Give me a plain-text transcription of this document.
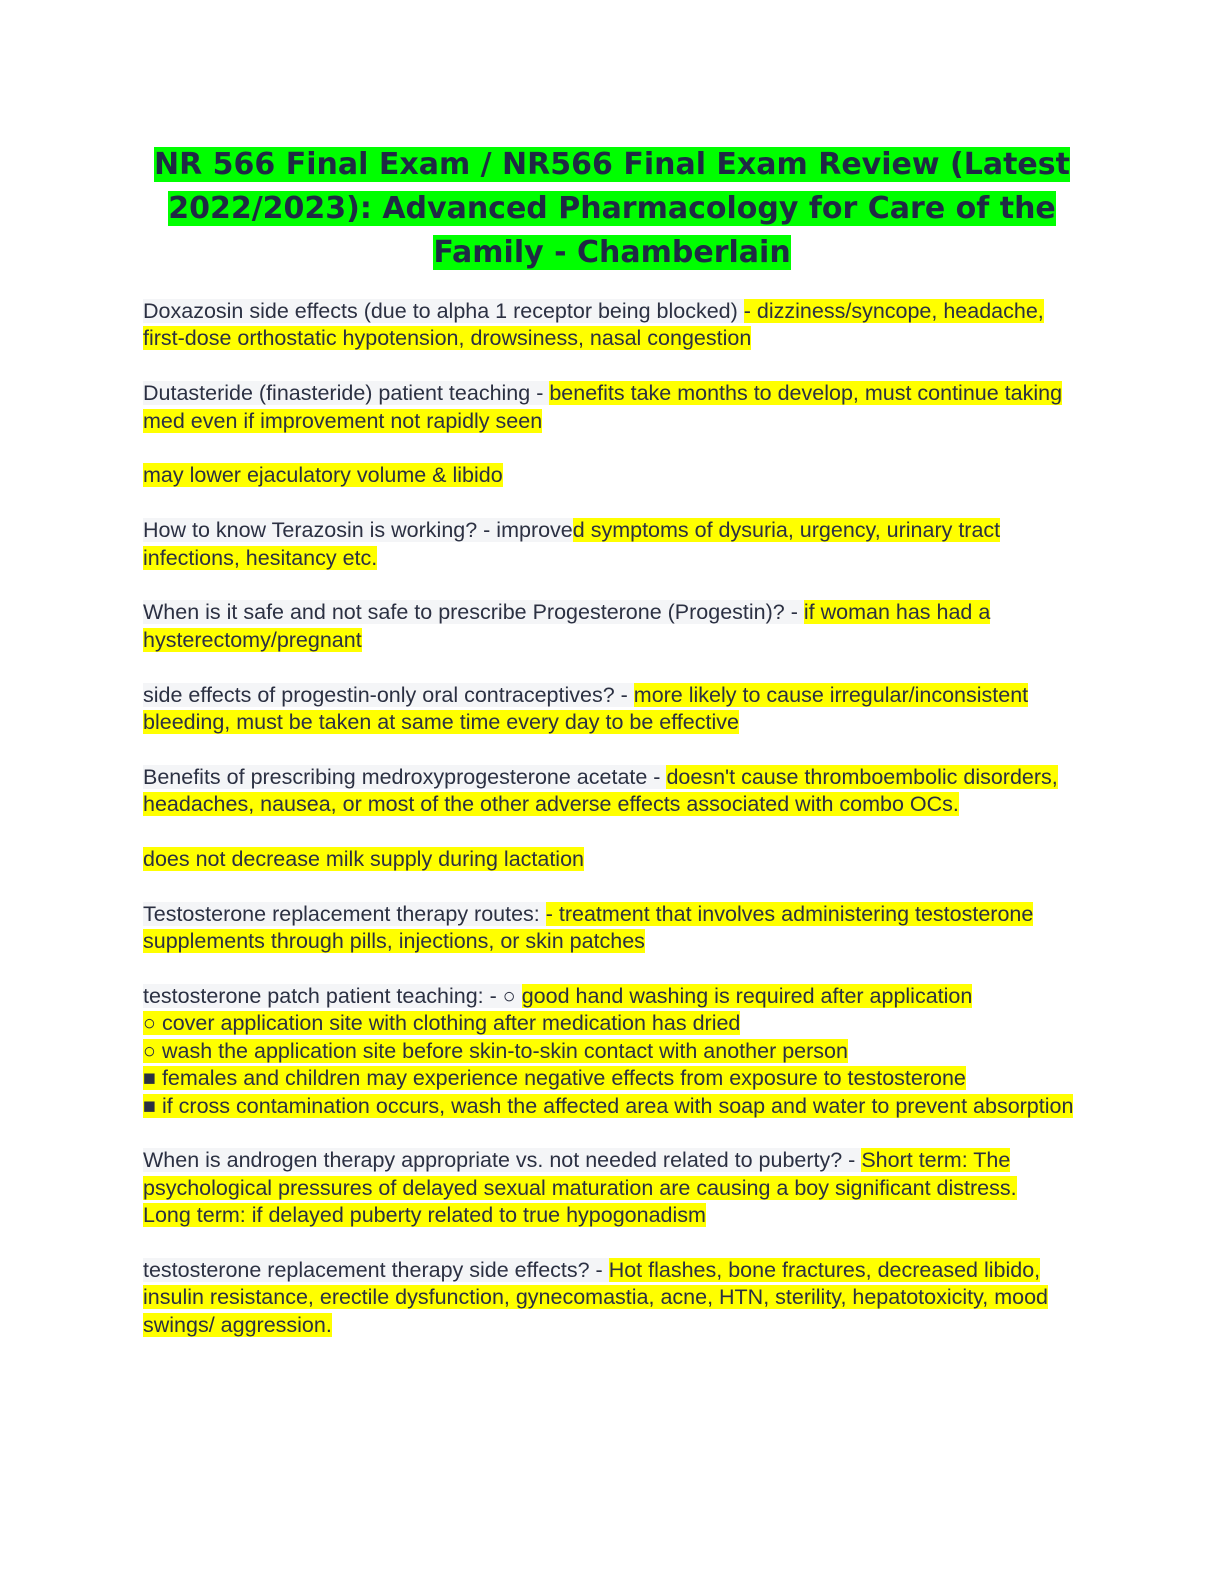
NR 566 Final Exam / NR566 Final Exam Review (Latest 2022/2023): Advanced Pharmacology for Care of the Family - Chamberlain

Doxazosin side effects (due to alpha 1 receptor being blocked) - dizziness/syncope, headache, first-dose orthostatic hypotension, drowsiness, nasal congestion

Dutasteride (finasteride) patient teaching - benefits take months to develop, must continue taking med even if improvement not rapidly seen

may lower ejaculatory volume & libido

How to know Terazosin is working? - improved symptoms of dysuria, urgency, urinary tract infections, hesitancy etc.

When is it safe and not safe to prescribe Progesterone (Progestin)? - if woman has had a hysterectomy/pregnant

side effects of progestin-only oral contraceptives? - more likely to cause irregular/inconsistent bleeding, must be taken at same time every day to be effective

Benefits of prescribing medroxyprogesterone acetate - doesn't cause thromboembolic disorders, headaches, nausea, or most of the other adverse effects associated with combo OCs.

does not decrease milk supply during lactation

Testosterone replacement therapy routes: - treatment that involves administering testosterone supplements through pills, injections, or skin patches

testosterone patch patient teaching: - ○ good hand washing is required after application
○ cover application site with clothing after medication has dried
○ wash the application site before skin-to-skin contact with another person
■ females and children may experience negative effects from exposure to testosterone
■ if cross contamination occurs, wash the affected area with soap and water to prevent absorption

When is androgen therapy appropriate vs. not needed related to puberty? - Short term: The psychological pressures of delayed sexual maturation are causing a boy significant distress.
Long term: if delayed puberty related to true hypogonadism

testosterone replacement therapy side effects? - Hot flashes, bone fractures, decreased libido, insulin resistance, erectile dysfunction, gynecomastia, acne, HTN, sterility, hepatotoxicity, mood swings/ aggression.
